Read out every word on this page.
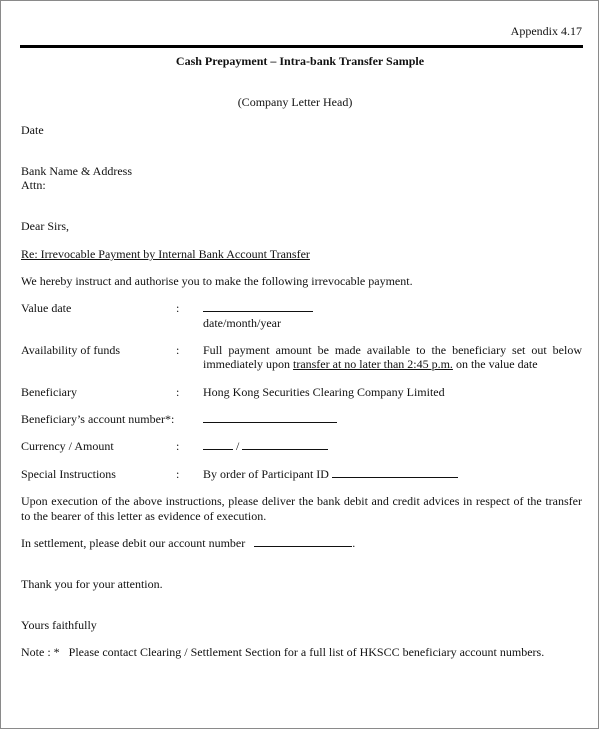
Appendix 4.17
Cash Prepayment – Intra-bank Transfer Sample
(Company Letter Head)
Date
Bank Name & Address
Attn:
Dear Sirs,
Re: Irrevocable Payment by Internal Bank Account Transfer
We hereby instruct and authorise you to make the following irrevocable payment.
Value date	:
date/month/year
Availability of funds	: Full payment amount be made available to the beneficiary set out below immediately upon transfer at no later than 2:45 p.m. on the value date
Beneficiary	: Hong Kong Securities Clearing Company Limited
Beneficiary’s account number*:
Currency / Amount	:	/
Special Instructions	: By order of Participant ID
Upon execution of the above instructions, please deliver the bank debit and credit advices in respect of the transfer to the bearer of this letter as evidence of execution.
In settlement, please debit our account number	.
Thank you for your attention.
Yours faithfully
Note : *   Please contact Clearing / Settlement Section for a full list of HKSCC beneficiary account numbers.
